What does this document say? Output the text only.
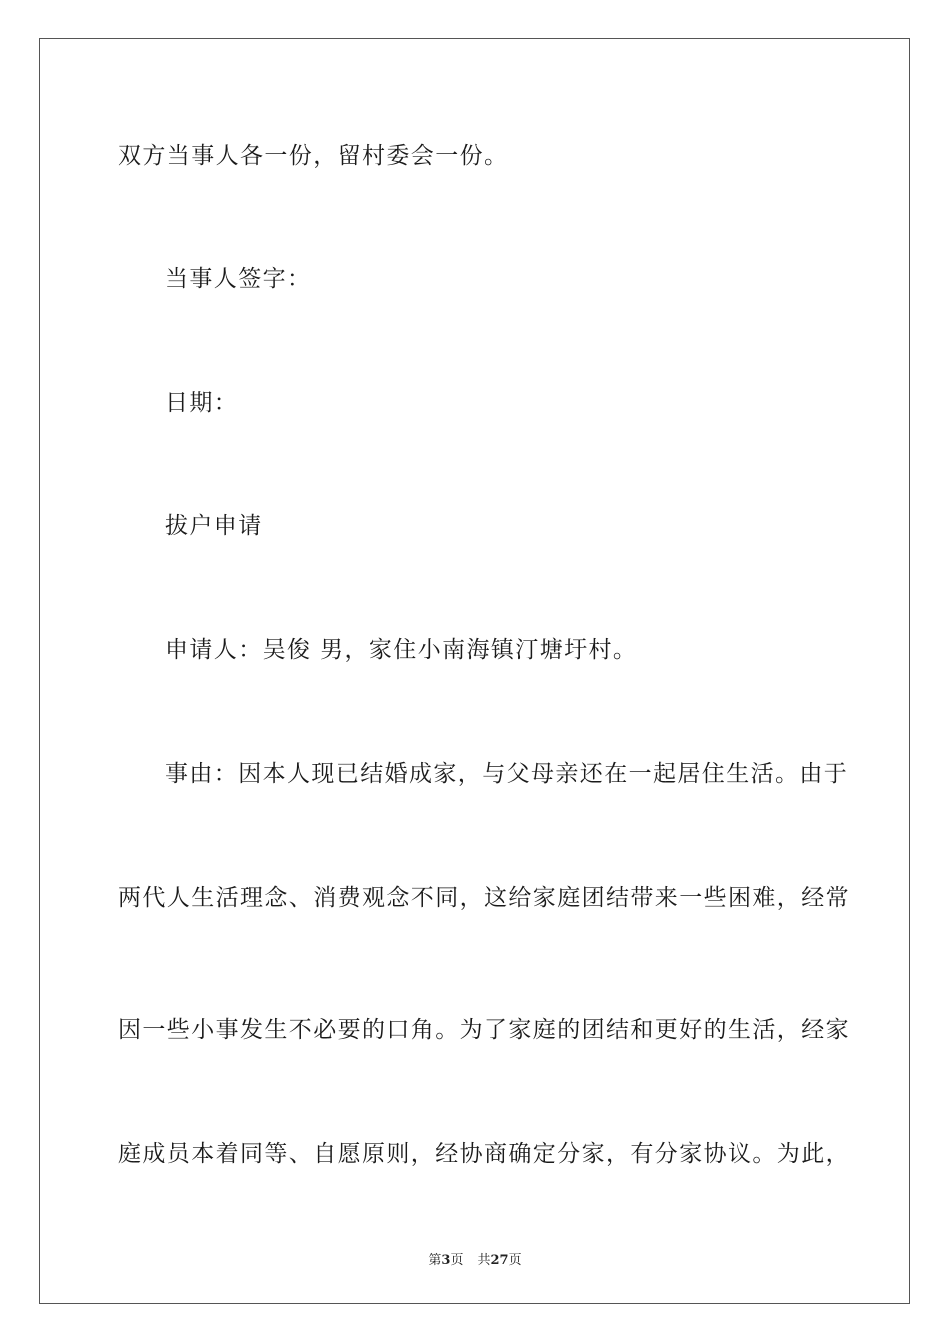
双方当事人各一份，留村委会一份。
当事人签字：
日期：
拔户申请
申请人：吴俊 男，家住小南海镇汀塘圩村。
事由：因本人现已结婚成家，与父母亲还在一起居住生活。由于
两代人生活理念、消费观念不同，这给家庭团结带来一些困难，经常
因一些小事发生不必要的口角。为了家庭的团结和更好的生活，经家
庭成员本着同等、自愿原则，经协商确定分家，有分家协议。为此，
第3页 共27页
